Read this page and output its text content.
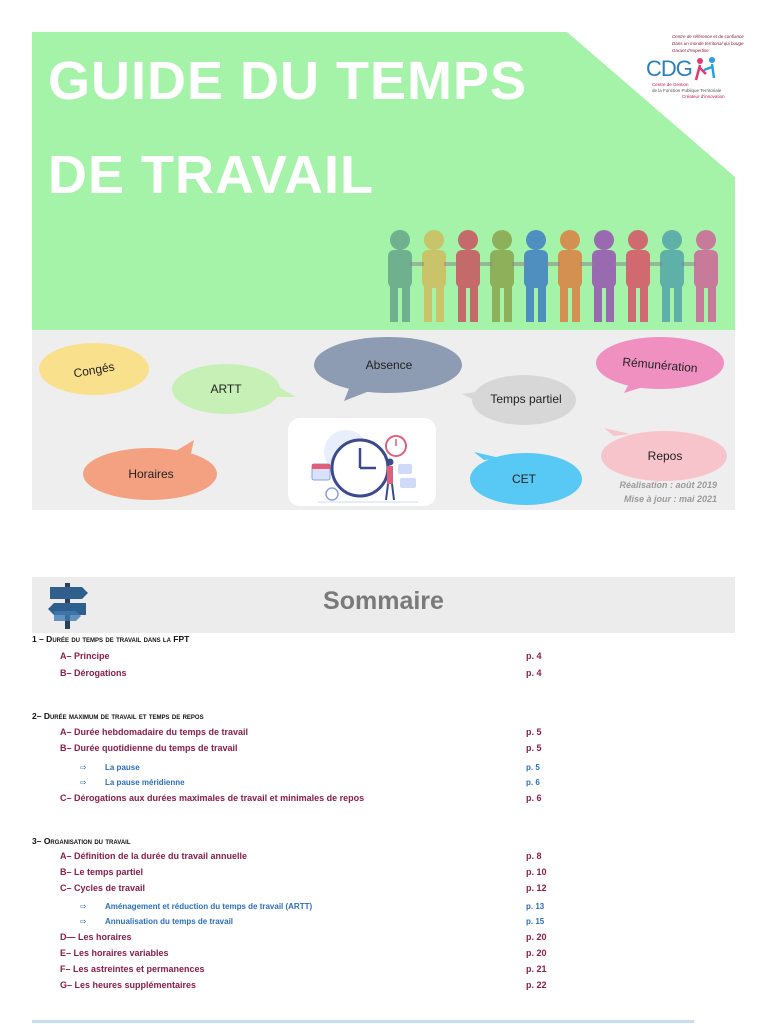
GUIDE DU TEMPS
DE TRAVAIL
Centre de référence et de confiance
Dans un monde territorial qui bouge
Garant d'expertise
CDG
Centre de Gestion
de la Fonction Publique Territoriale
Créateur d'innovation
Congés
ARTT
Absence
Temps partiel
Rémunération
Horaires	CET
Repos
Réalisation : août 2019
Mise à jour : mai 2021
Sommaire
1 – Durée du temps de travail dans la FPT
A– Principe	p. 4
B– Dérogations	p. 4
2– Durée maximum de travail et temps de repos
A– Durée hebdomadaire du temps de travail	p. 5
B– Durée quotidienne du temps de travail	p. 5
⇨ La pause	p. 5
⇨ La pause méridienne	p. 6
C– Dérogations aux durées maximales de travail et minimales de repos	p. 6
3– Organisation du travail
A– Définition de la durée du travail annuelle	p. 8
B– Le temps partiel	p. 10
C– Cycles de travail	p. 12
⇨ Aménagement et réduction du temps de travail (ARTT)	p. 13
⇨ Annualisation du temps de travail	p. 15
D— Les horaires	p. 20
E– Les horaires variables	p. 20
F– Les astreintes et permanences	p. 21
G– Les heures supplémentaires	p. 22
